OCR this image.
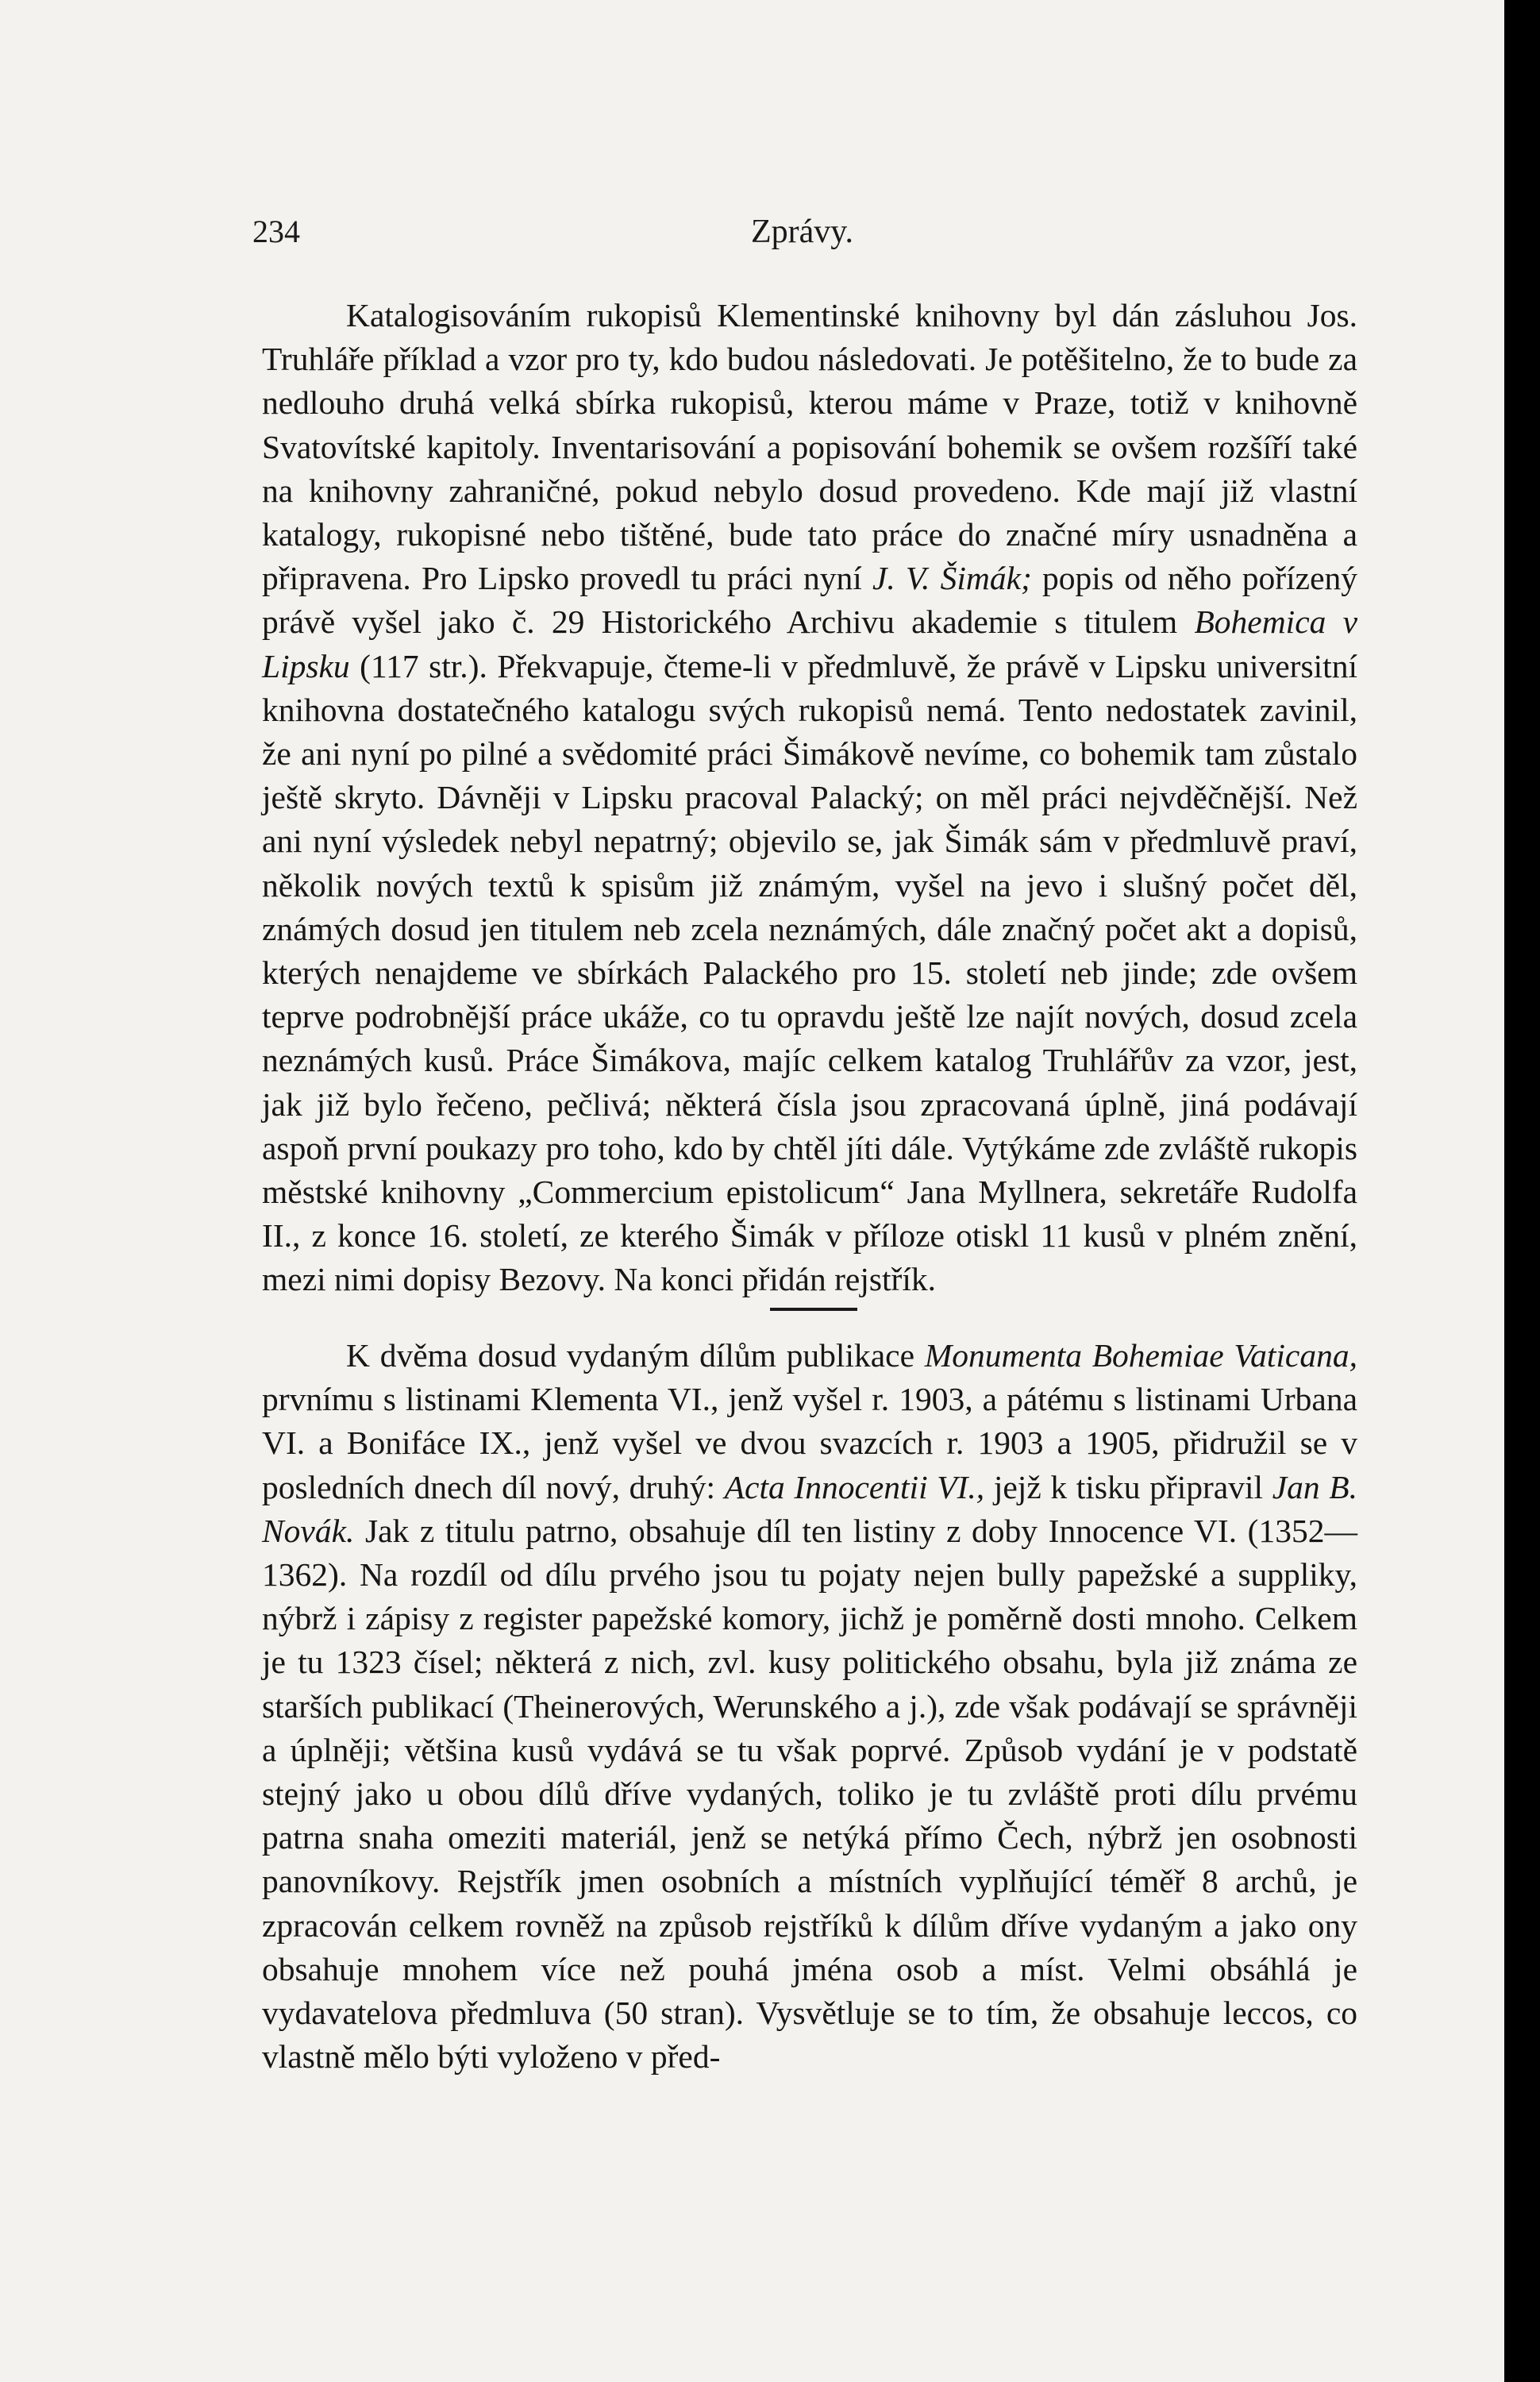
234	Zprávy.
Katalogisováním rukopisů Klementinské knihovny byl dán zásluhou Jos. Truhláře příklad a vzor pro ty, kdo budou následovati. Je potěšitelno, že to bude za nedlouho druhá velká sbírka rukopisů, kterou máme v Praze, totiž v knihovně Svatovítské kapitoly. Inventarisování a popisování bohemik se ovšem rozšíří také na knihovny zahraničné, pokud nebylo dosud provedeno. Kde mají již vlastní katalogy, rukopisné nebo tištěné, bude tato práce do značné míry usnadněna a připravena. Pro Lipsko provedl tu práci nyní J. V. Šimák; popis od něho pořízený právě vyšel jako č. 29 Historického Archivu akademie s titulem Bohemica v Lipsku (117 str.). Překvapuje, čteme-li v předmluvě, že právě v Lipsku universitní knihovna dostatečného katalogu svých rukopisů nemá. Tento nedostatek zavinil, že ani nyní po pilné a svědomité práci Šimákově nevíme, co bohemik tam zůstalo ještě skryto. Dávněji v Lipsku pracoval Palacký; on měl práci nejvděčnější. Než ani nyní výsledek nebyl nepatrný; objevilo se, jak Šimák sám v předmluvě praví, několik nových textů k spisům již známým, vyšel na jevo i slušný počet děl, známých dosud jen titulem neb zcela neznámých, dále značný počet akt a dopisů, kterých nenajdeme ve sbírkách Palackého pro 15. století neb jinde; zde ovšem teprve podrobnější práce ukáže, co tu opravdu ještě lze najít nových, dosud zcela neznámých kusů. Práce Šimákova, majíc celkem katalog Truhlářův za vzor, jest, jak již bylo řečeno, pečlivá; některá čísla jsou zpracovaná úplně, jiná podávají aspoň první poukazy pro toho, kdo by chtěl jíti dále. Vytýkáme zde zvláště rukopis městské knihovny „Commercium epistolicum“ Jana Myllnera, sekretáře Rudolfa II., z konce 16. století, ze kterého Šimák v příloze otiskl 11 kusů v plném znění, mezi nimi dopisy Bezovy. Na konci přidán rejstřík.
K dvěma dosud vydaným dílům publikace Monumenta Bohemiae Vaticana, prvnímu s listinami Klementa VI., jenž vyšel r. 1903, a pátému s listinami Urbana VI. a Bonifáce IX., jenž vyšel ve dvou svazcích r. 1903 a 1905, přidružil se v posledních dnech díl nový, druhý: Acta Innocentii VI., jejž k tisku připravil Jan B. Novák. Jak z titulu patrno, obsahuje díl ten listiny z doby Innocence VI. (1352—1362). Na rozdíl od dílu prvého jsou tu pojaty nejen bully papežské a suppliky, nýbrž i zápisy z register papežské komory, jichž je poměrně dosti mnoho. Celkem je tu 1323 čísel; některá z nich, zvl. kusy politického obsahu, byla již známa ze starších publikací (Theinerových, Werunského a j.), zde však podávají se správněji a úplněji; většina kusů vydává se tu však poprvé. Způsob vydání je v podstatě stejný jako u obou dílů dříve vydaných, toliko je tu zvláště proti dílu prvému patrna snaha omeziti materiál, jenž se netýká přímo Čech, nýbrž jen osobnosti panovníkovy. Rejstřík jmen osobních a místních vyplňující téměř 8 archů, je zpracován celkem rovněž na způsob rejstříků k dílům dříve vydaným a jako ony obsahuje mnohem více než pouhá jména osob a míst. Velmi obsáhlá je vydavatelova předmluva (50 stran). Vysvětluje se to tím, že obsahuje leccos, co vlastně mělo býti vyloženo v před-
